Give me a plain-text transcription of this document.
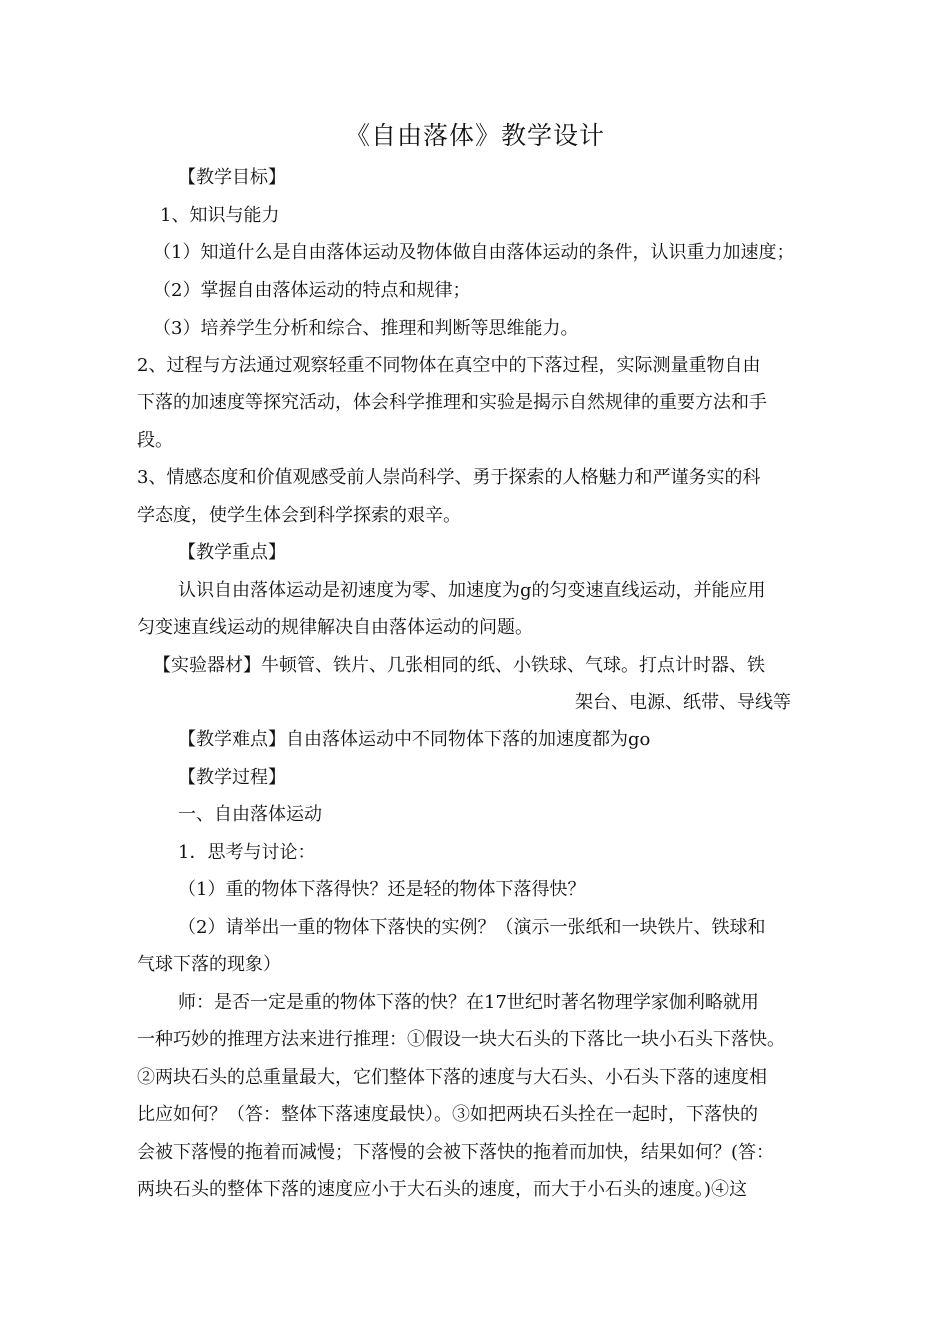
《自由落体》教学设计
【教学目标】
1、知识与能力
（1）知道什么是自由落体运动及物体做自由落体运动的条件，认识重力加速度；
（2）掌握自由落体运动的特点和规律；
（3）培养学生分析和综合、推理和判断等思维能力。
2、过程与方法通过观察轻重不同物体在真空中的下落过程，实际测量重物自由
下落的加速度等探究活动，体会科学推理和实验是揭示自然规律的重要方法和手
段。
3、情感态度和价值观感受前人崇尚科学、勇于探索的人格魅力和严谨务实的科
学态度，使学生体会到科学探索的艰辛。
【教学重点】
认识自由落体运动是初速度为零、加速度为g的匀变速直线运动，并能应用
匀变速直线运动的规律解决自由落体运动的问题。
【实验器材】牛顿管、铁片、几张相同的纸、小铁球、气球。打点计时器、铁
架台、电源、纸带、导线等
【教学难点】自由落体运动中不同物体下落的加速度都为go
【教学过程】
一、自由落体运动
1．思考与讨论：
（1）重的物体下落得快？还是轻的物体下落得快？
（2）请举出一重的物体下落快的实例？（演示一张纸和一块铁片、铁球和
气球下落的现象）
师：是否一定是重的物体下落的快？在17世纪时著名物理学家伽利略就用
一种巧妙的推理方法来进行推理：①假设一块大石头的下落比一块小石头下落快。
②两块石头的总重量最大，它们整体下落的速度与大石头、小石头下落的速度相
比应如何？（答：整体下落速度最快）。③如把两块石头拴在一起时，下落快的
会被下落慢的拖着而减慢；下落慢的会被下落快的拖着而加快，结果如何？(答：
两块石头的整体下落的速度应小于大石头的速度，而大于小石头的速度。)④这
